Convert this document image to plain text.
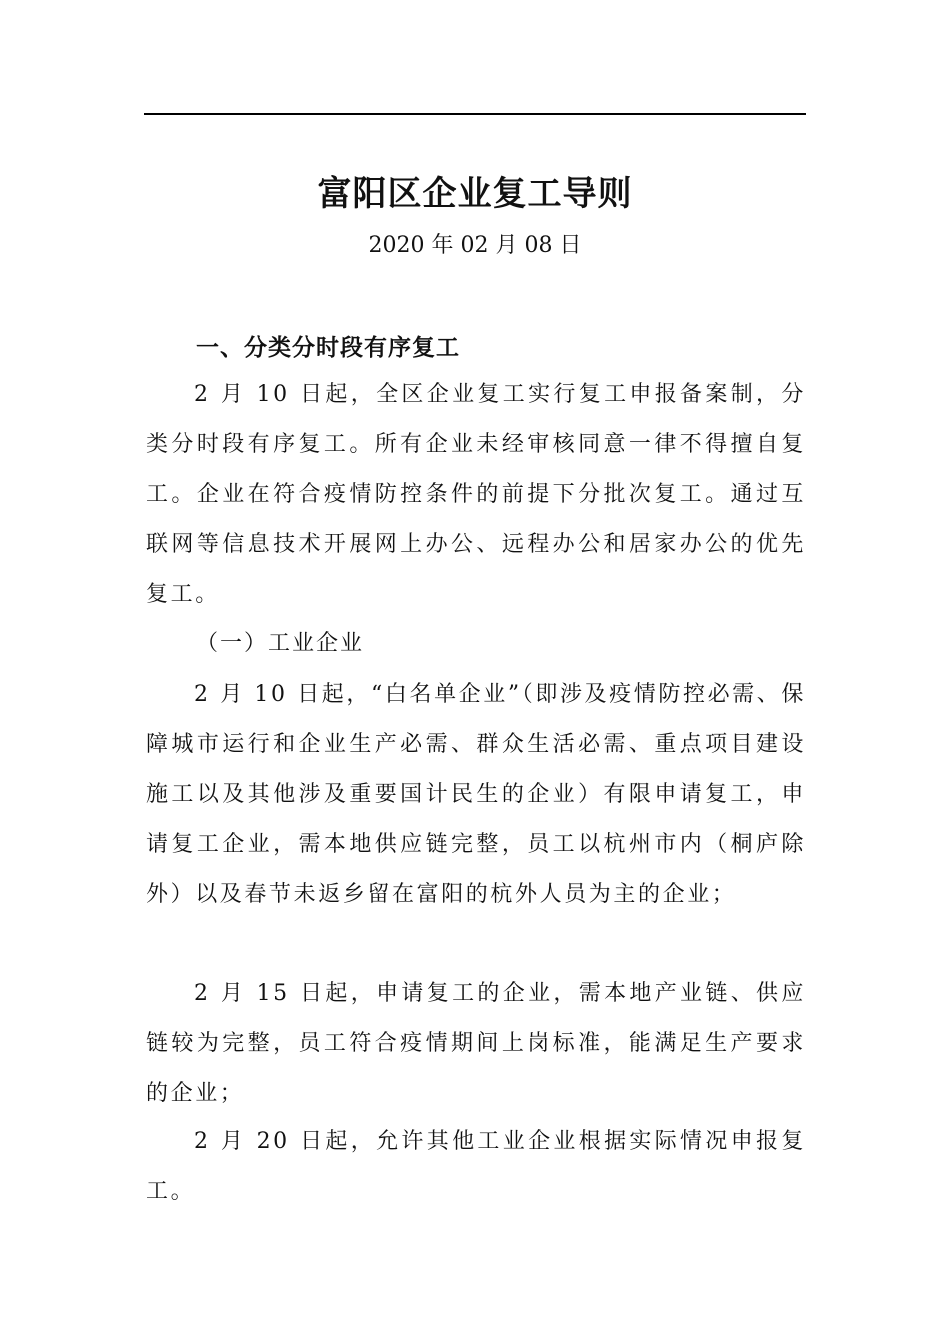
富阳区企业复工导则
2020 年 02 月 08 日
一、分类分时段有序复工

2 月 10 日起，全区企业复工实行复工申报备案制，分类分时段有序复工。所有企业未经审核同意一律不得擅自复工。企业在符合疫情防控条件的前提下分批次复工。通过互联网等信息技术开展网上办公、远程办公和居家办公的优先复工。

（一）工业企业

2 月 10 日起，“白名单企业”（即涉及疫情防控必需、保障城市运行和企业生产必需、群众生活必需、重点项目建设施工以及其他涉及重要国计民生的企业）有限申请复工，申请复工企业，需本地供应链完整，员工以杭州市内（桐庐除外）以及春节未返乡留在富阳的杭外人员为主的企业；

2 月 15 日起，申请复工的企业，需本地产业链、供应链较为完整，员工符合疫情期间上岗标准，能满足生产要求的企业；

2 月 20 日起，允许其他工业企业根据实际情况申报复工。
